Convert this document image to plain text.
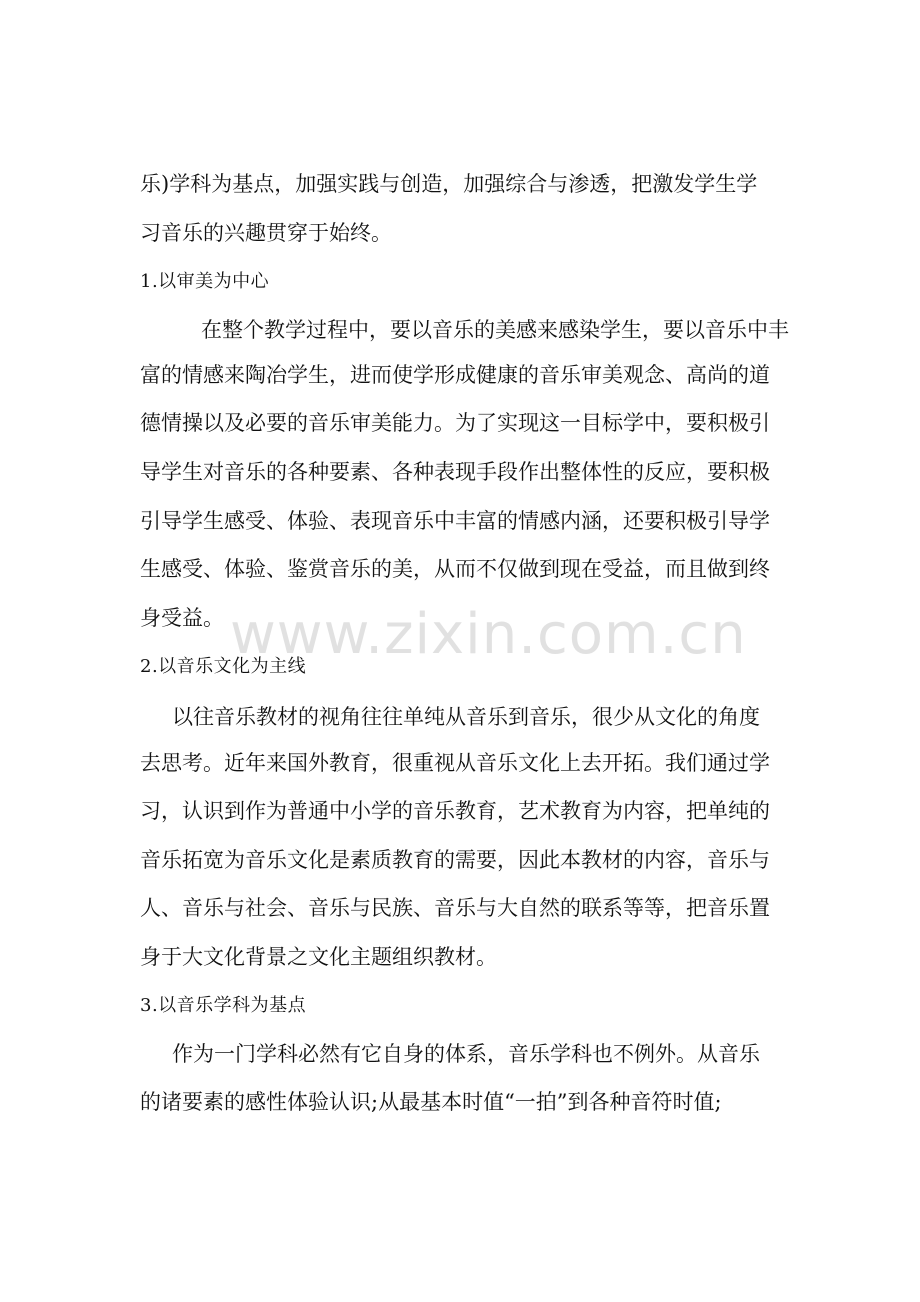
乐)学科为基点，加强实践与创造，加强综合与渗透，把激发学生学
习音乐的兴趣贯穿于始终。
1.以审美为中心
　在整个教学过程中，要以音乐的美感来感染学生，要以音乐中丰
富的情感来陶冶学生，进而使学形成健康的音乐审美观念、高尚的道
德情操以及必要的音乐审美能力。为了实现这一目标学中，要积极引
导学生对音乐的各种要素、各种表现手段作出整体性的反应，要积极
引导学生感受、体验、表现音乐中丰富的情感内涵，还要积极引导学
生感受、体验、鉴赏音乐的美，从而不仅做到现在受益，而且做到终
身受益。
2.以音乐文化为主线
以往音乐教材的视角往往单纯从音乐到音乐，很少从文化的角度
去思考。近年来国外教育，很重视从音乐文化上去开拓。我们通过学
习，认识到作为普通中小学的音乐教育，艺术教育为内容，把单纯的
音乐拓宽为音乐文化是素质教育的需要，因此本教材的内容，音乐与
人、音乐与社会、音乐与民族、音乐与大自然的联系等等，把音乐置
身于大文化背景之文化主题组织教材。
3.以音乐学科为基点
作为一门学科必然有它自身的体系，音乐学科也不例外。从音乐
的诸要素的感性体验认识;从最基本时值“一拍”到各种音符时值;
www.zixin.com.cn
